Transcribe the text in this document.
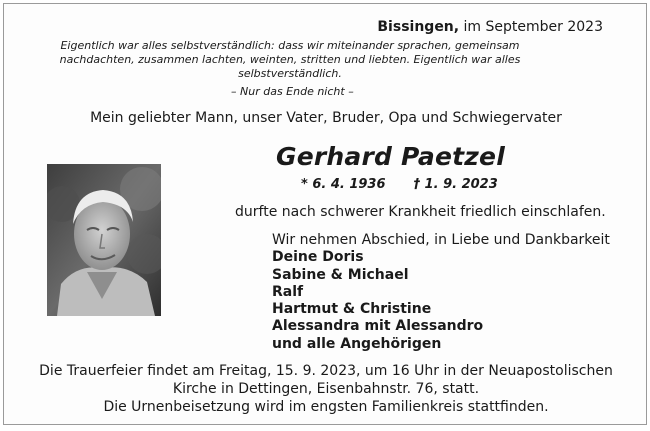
Bissingen, im September 2023
Eigentlich war alles selbstverständlich: dass wir miteinander sprachen, gemeinsam nachdachten, zusammen lachten, weinten, stritten und liebten. Eigentlich war alles selbstverständlich.
– Nur das Ende nicht –
Mein geliebter Mann, unser Vater, Bruder, Opa und Schwiegervater
Gerhard Paetzel
* 6. 4. 1936 † 1. 9. 2023
durfte nach schwerer Krankheit friedlich einschlafen.
Wir nehmen Abschied, in Liebe und Dankbarkeit
Deine Doris
Sabine & Michael
Ralf
Hartmut & Christine
Alessandra mit Alessandro
und alle Angehörigen
Die Trauerfeier findet am Freitag, 15. 9. 2023, um 16 Uhr in der Neuapostolischen
Kirche in Dettingen, Eisenbahnstr. 76, statt.
Die Urnenbeisetzung wird im engsten Familienkreis stattfinden.
